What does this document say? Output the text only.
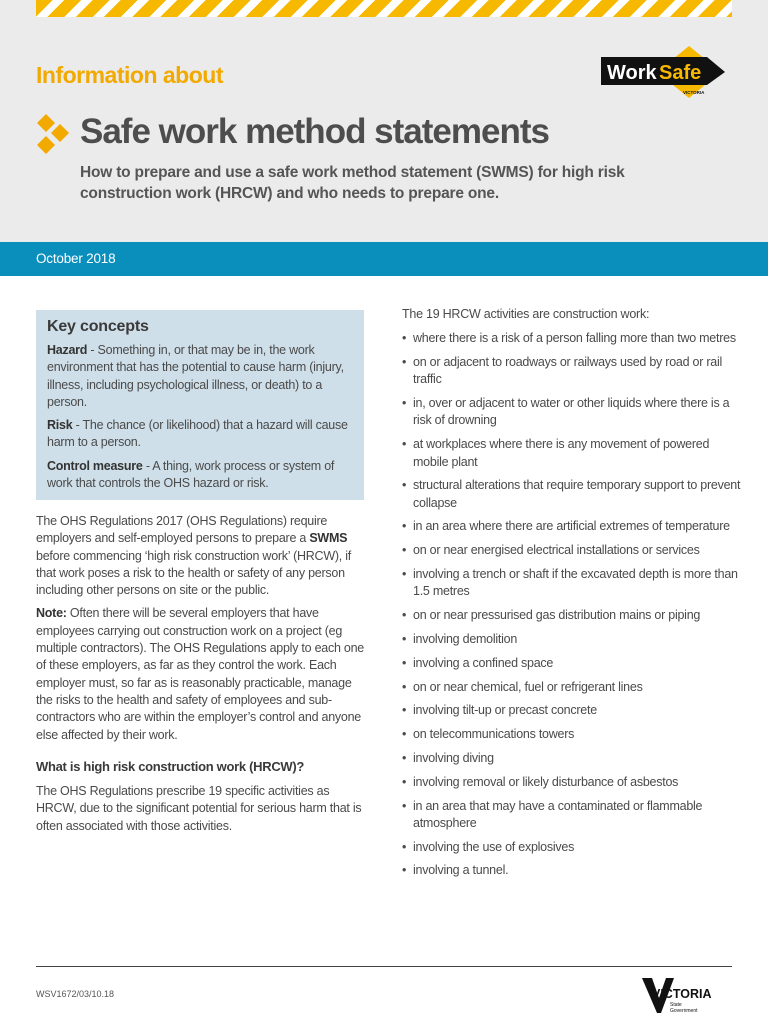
Information about	Work Safe
VICTORIA
Safe work method statements
How to prepare and use a safe work method statement (SWMS) for high risk construction work (HRCW) and who needs to prepare one.
October 2018
Key concepts
Hazard - Something in, or that may be in, the work environment that has the potential to cause harm (injury, illness, including psychological illness, or death) to a person.
Risk - The chance (or likelihood) that a hazard will cause harm to a person.
Control measure - A thing, work process or system of work that controls the OHS hazard or risk.

The OHS Regulations 2017 (OHS Regulations) require employers and self-employed persons to prepare a SWMS before commencing ‘high risk construction work’ (HRCW), if that work poses a risk to the health or safety of any person including other persons on site or the public.

Note: Often there will be several employers that have employees carrying out construction work on a project (eg multiple contractors). The OHS Regulations apply to each one of these employers, as far as they control the work. Each employer must, so far as is reasonably practicable, manage the risks to the health and safety of employees and sub-contractors who are within the employer’s control and anyone else affected by their work.

What is high risk construction work (HRCW)?

The OHS Regulations prescribe 19 specific activities as HRCW, due to the significant potential for serious harm that is often associated with those activities.

The 19 HRCW activities are construction work:

• where there is a risk of a person falling more than two metres
• on or adjacent to roadways or railways used by road or rail traffic
• in, over or adjacent to water or other liquids where there is a risk of drowning
• at workplaces where there is any movement of powered mobile plant
• structural alterations that require temporary support to prevent collapse
• in an area where there are artificial extremes of temperature
• on or near energised electrical installations or services
• involving a trench or shaft if the excavated depth is more than 1.5 metres
• on or near pressurised gas distribution mains or piping
• involving demolition
• involving a confined space
• on or near chemical, fuel or refrigerant lines
• involving tilt-up or precast concrete
• on telecommunications towers
• involving diving
• involving removal or likely disturbance of asbestos
• in an area that may have a contaminated or flammable atmosphere
• involving the use of explosives
• involving a tunnel.
WSV1672/03/10.18	VICTORIA
State
Government
